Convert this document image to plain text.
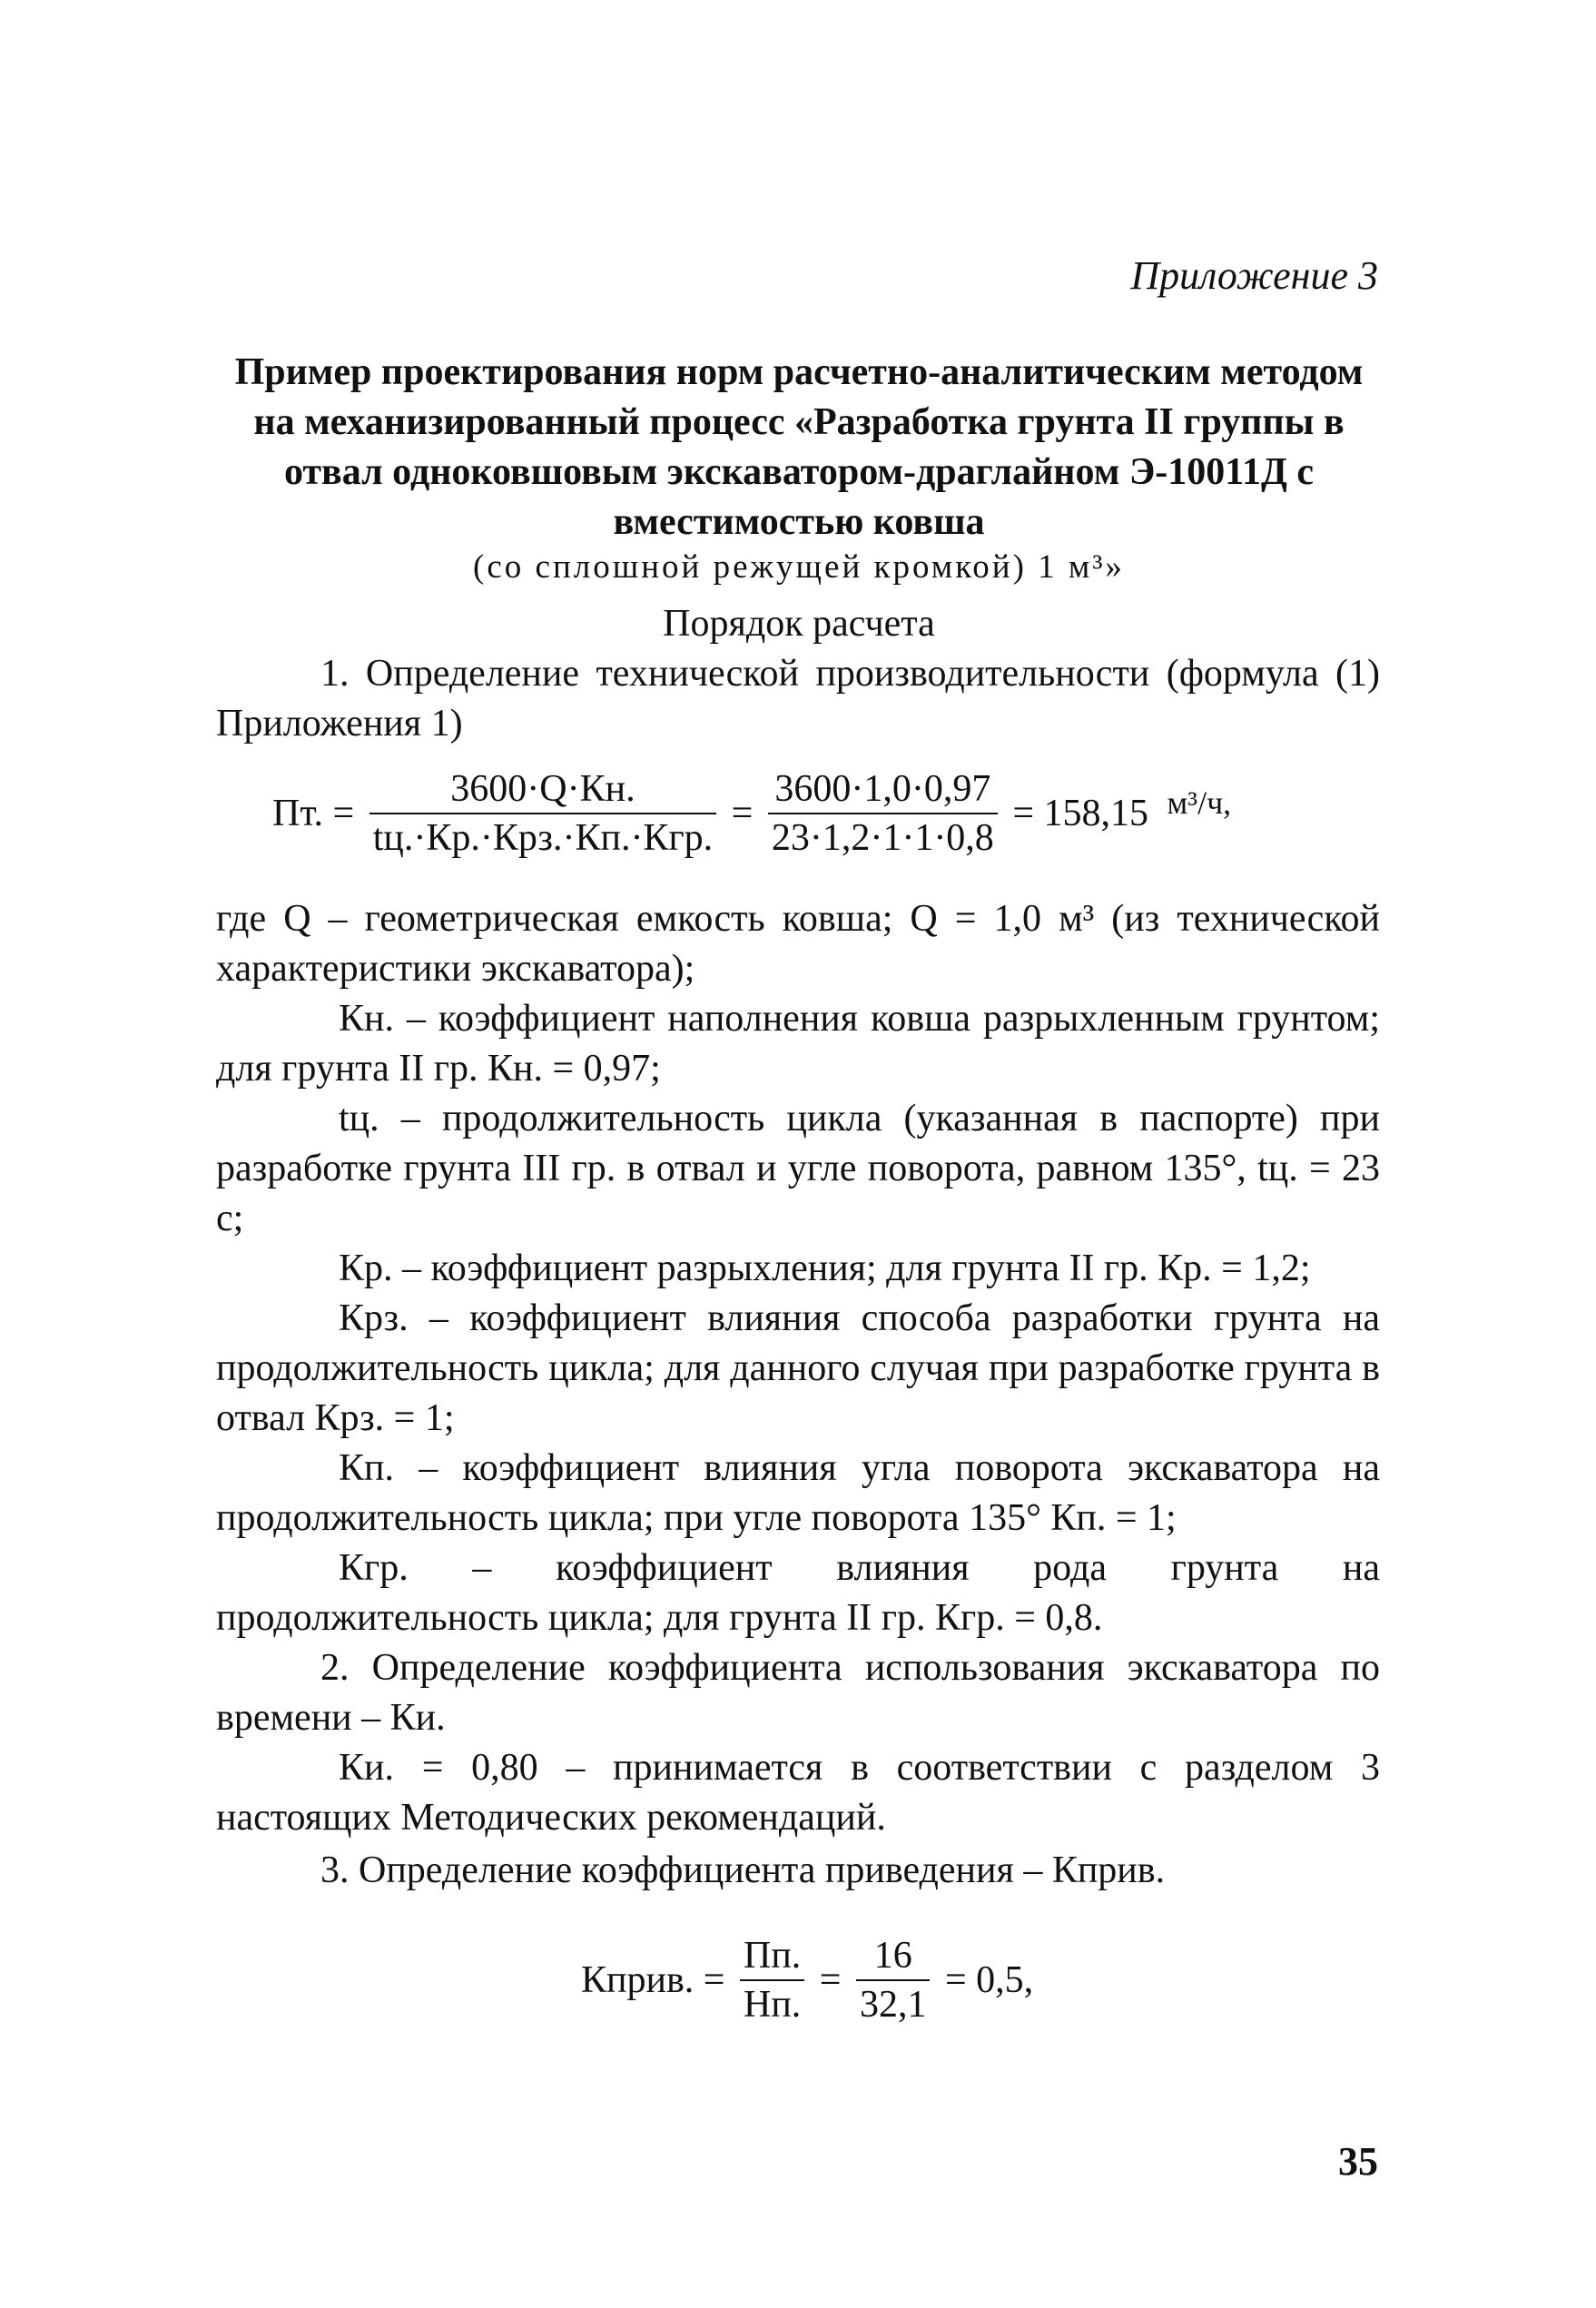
Приложение 3
Пример проектирования норм расчетно-аналитическим методом на механизированный процесс «Разработка грунта II группы в отвал одноковшовым экскаватором-драглайном Э-10011Д с вместимостью ковша
(со сплошной режущей кромкой) 1 м³»
Порядок расчета
1. Определение технической производительности (формула (1) Приложения 1)
Пт. = $\frac{3600\cdot Q\cdot Кн.}{\text{tц.·Кр.·Крз.·Кп.·Кгр.}} = \frac{3600\cdot 1,0\cdot 0,97}{23\cdot 1,2\cdot 1\cdot 1\cdot 0,8} = 158,15$ м³/ч,
где Q – геометрическая емкость ковша; Q = 1,0 м³ (из технической характеристики экскаватора);
Кн. – коэффициент наполнения ковша разрыхленным грунтом; для грунта II гр. Кн. = 0,97;
tц. – продолжительность цикла (указанная в паспорте) при разработке грунта III гр. в отвал и угле поворота, равном 135°, tц. = 23 с;
Кр. – коэффициент разрыхления; для грунта II гр. Кр. = 1,2;
Крз. – коэффициент влияния способа разработки грунта на продолжительность цикла; для данного случая при разработке грунта в отвал Крз. = 1;
Кп. – коэффициент влияния угла поворота экскаватора на продолжительность цикла; при угле поворота 135° Кп. = 1;
Кгр. – коэффициент влияния рода грунта на продолжительность цикла; для грунта II гр. Кгр. = 0,8.
2. Определение коэффициента использования экскаватора по времени – Ки.
Ки. = 0,80 – принимается в соответствии с разделом 3 настоящих Методических рекомендаций.
3. Определение коэффициента приведения – Кприв.
Кприв. = $\frac{Пп.}{Нп.} = \frac{16}{32,1} = 0,5$,
35
